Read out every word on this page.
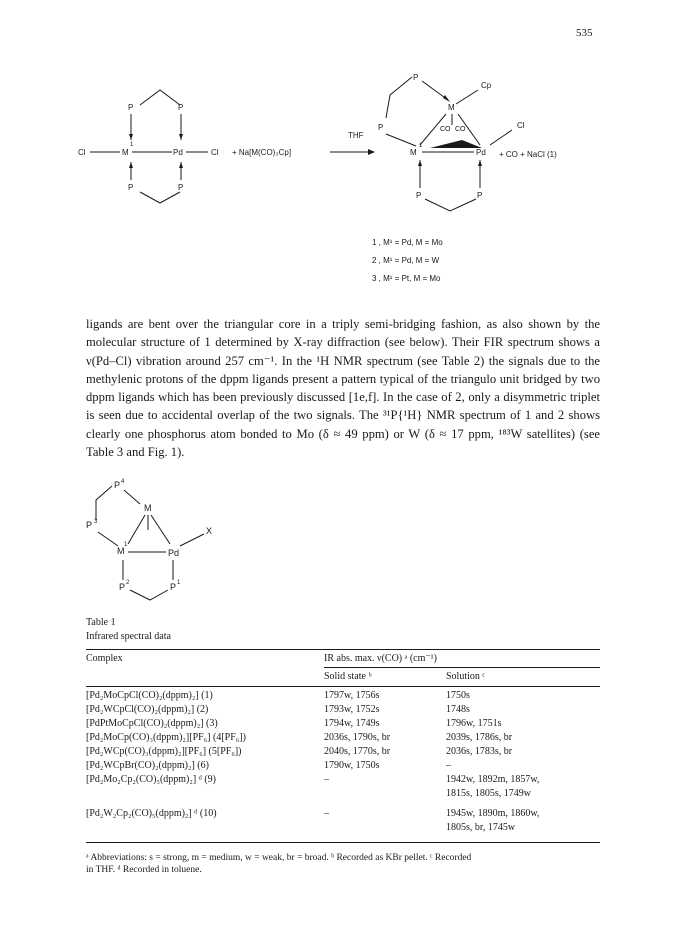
535
P	P
Cl	M
1
Pd	Cl
P	P
+ Na[M(CO)₃Cp]
THF
P
Cp
M
P	CO CO	Cl
M
1
Pd
P	P
+ CO + NaCl (1)
1 , M¹ = Pd, M = Mo
2 , M¹ = Pd, M = W
3 , M¹ = Pt, M = Mo
ligands are bent over the triangular core in a triply semi-bridging fashion, as also shown by the molecular structure of 1 determined by X-ray diffraction (see below). Their FIR spectrum shows a ν(Pd–Cl) vibration around 257 cm⁻¹. In the ¹H NMR spectrum (see Table 2) the signals due to the methylenic protons of the dppm ligands present a pattern typical of the triangulo unit bridged by two dppm ligands which has been previously discussed [1e,f]. In the case of 2, only a disymmetric triplet is seen due to accidental overlap of the two signals. The ³¹P{¹H} NMR spectrum of 1 and 2 shows clearly one phosphorus atom bonded to Mo (δ ≈ 49 ppm) or W (δ ≈ 17 ppm, ¹⁸³W satellites) (see Table 3 and Fig. 1).
P 4
M
P 3
X
M
1
Pd
P 2	P 1
Table 1
Infrared spectral data
Complex	IR abs. max. ν(CO) ᵃ (cm⁻¹)
Solid state ᵇ	Solution ᶜ
[Pd₂MoCpCl(CO)₂(dppm)₂] (1)	1797w, 1756s	1750s
[Pd₂WCpCl(CO)₂(dppm)₂] (2)	1793w, 1752s	1748s
[PdPtMoCpCl(CO)₂(dppm)₂] (3)	1794w, 1749s	1796w, 1751s
[Pd₂MoCp(CO)₃(dppm)₂][PF₆] (4[PF₆])	2036s, 1790s, br	2039s, 1786s, br
[Pd₂WCp(CO)₃(dppm)₂][PF₆] (5[PF₆])	2040s, 1770s, br	2036s, 1783s, br
[Pd₂WCpBr(CO)₂(dppm)₂] (6)	1790w, 1750s	–
[Pd₂Mo₂Cp₂(CO)₅(dppm)₂] ᵈ (9)	–	1942w, 1892m, 1857w,
1815s, 1805s, 1749w
[Pd₂W₂Cp₂(CO)₅(dppm)₂] ᵈ (10)	–	1945w, 1890m, 1860w,
1805s, br, 1745w
ᵃ Abbreviations: s = strong, m = medium, w = weak, br = broad. ᵇ Recorded as KBr pellet. ᶜ Recorded
in THF. ᵈ Recorded in toluene.
